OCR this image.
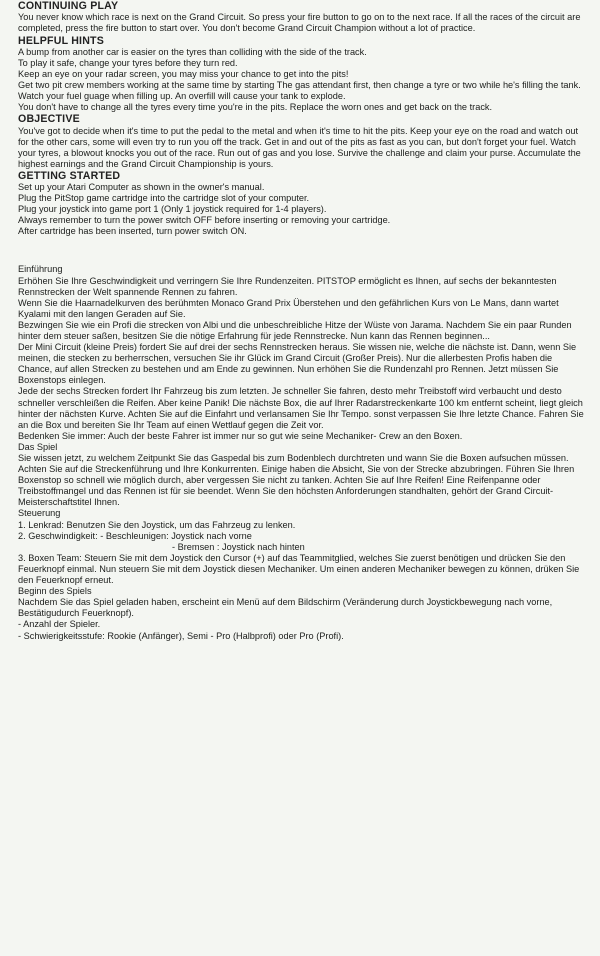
CONTINUING PLAY

You never know which race is next on the Grand Circuit. So press your fire button to go on to the next race. If all the races of the circuit are completed, press the fire button to start over. You don't become Grand Circuit Champion without a lot of practice.

HELPFUL HINTS

A bump from another car is easier on the tyres than colliding with the side of the track.

To play it safe, change your tyres before they turn red.

Keep an eye on your radar screen, you may miss your chance to get into the pits!

Get two pit crew members working at the same time by starting The gas attendant first, then change a tyre or two while he's filling the tank.

Watch your fuel guage when filling up. An overfill will cause your tank to explode.

You don't have to change all the tyres every time you're in the pits. Replace the worn ones and get back on the track.

OBJECTIVE

You've got to decide when it's time to put the pedal to the metal and when it's time to hit the pits. Keep your eye on the road and watch out for the other cars, some will even try to run you off the track. Get in and out of the pits as fast as you can, but don't forget your fuel. Watch your tyres, a blowout knocks you out of the race. Run out of gas and you lose. Survive the challenge and claim your purse. Accumulate the highest earnings and the Grand Circuit Championship is yours.

GETTING STARTED

Set up your Atari Computer as shown in the owner's manual.

Plug the PitStop game cartridge into the cartridge slot of your computer.

Plug your joystick into game port 1 (Only 1 joystick required for 1-4 players).

Always remember to turn the power switch OFF before inserting or removing your cartridge.

After cartridge has been inserted, turn power switch ON.

Einführung

Erhöhen Sie Ihre Geschwindigkeit und verringern Sie Ihre Rundenzeiten. PITSTOP ermöglicht es Ihnen, auf sechs der bekanntesten Rennstrecken der Welt spannende Rennen zu fahren.

Wenn Sie die Haarnadelkurven des berühmten Monaco Grand Prix Überstehen und den gefährlichen Kurs von Le Mans, dann wartet Kyalami mit den langen Geraden auf Sie.

Bezwingen Sie wie ein Profi die strecken von Albi und die unbeschreibliche Hitze der Wüste von Jarama. Nachdem Sie ein paar Runden hinter dem steuer saßen, besitzen Sie die nötige Erfahrung für jede Rennstrecke. Nun kann das Rennen beginnen...

Der Mini Circuit (kleine Preis) fordert Sie auf drei der sechs Rennstrecken heraus. Sie wissen nie, welche die nächste ist. Dann, wenn Sie meinen, die stecken zu berherrschen, versuchen Sie ihr Glück im Grand Circuit (Großer Preis). Nur die allerbesten Profis haben die Chance, auf allen Strecken zu bestehen und am Ende zu gewinnen. Nun erhöhen Sie die Rundenzahl pro Rennen. Jetzt müssen Sie Boxenstops einlegen.

Jede der sechs Strecken fordert Ihr Fahrzeug bis zum letzten. Je schneller Sie fahren, desto mehr Treibstoff wird verbaucht und desto schneller verschleißen die Reifen. Aber keine Panik! Die nächste Box, die auf Ihrer Radarstreckenkarte 100 km entfernt scheint, liegt gleich hinter der nächsten Kurve. Achten Sie auf die Einfahrt und verlansamen Sie Ihr Tempo. sonst verpassen Sie Ihre letzte Chance. Fahren Sie an die Box und bereiten Sie Ihr Team auf einen Wettlauf gegen die Zeit vor.

Bedenken Sie immer: Auch der beste Fahrer ist immer nur so gut wie seine Mechaniker- Crew an den Boxen.

Das Spiel

Sie wissen jetzt, zu welchem Zeitpunkt Sie das Gaspedal bis zum Bodenblech durchtreten und wann Sie die Boxen aufsuchen müssen. Achten Sie auf die Streckenführung und Ihre Konkurrenten. Einige haben die Absicht, Sie von der Strecke abzubringen. Führen Sie Ihren Boxenstop so schnell wie möglich durch, aber vergessen Sie nicht zu tanken. Achten Sie auf Ihre Reifen! Eine Reifenpanne oder Treibstoffmangel und das Rennen ist für sie beendet. Wenn Sie den höchsten Anforderungen standhalten, gehört der Grand Circuit-Meisterschaftstitel Ihnen.

Steuerung

1. Lenkrad: Benutzen Sie den Joystick, um das Fahrzeug zu lenken.

2. Geschwindigkeit: - Beschleunigen: Joystick nach vorne

- Bremsen : Joystick nach hinten

3. Boxen Team: Steuern Sie mit dem Joystick den Cursor (+) auf das Teammitglied, welches Sie zuerst benötigen und drücken Sie den Feuerknopf einmal. Nun steuern Sie mit dem Joystick diesen Mechaniker. Um einen anderen Mechaniker bewegen zu können, drüken Sie den Feuerknopf erneut.

Beginn des Spiels

Nachdem Sie das Spiel geladen haben, erscheint ein Menü auf dem Bildschirm (Veränderung durch Joystickbewegung nach vorne, Bestätigudurch Feuerknopf).

- Anzahl der Spieler.

- Schwierigkeitsstufe: Rookie (Anfänger), Semi - Pro (Halbprofi) oder Pro (Profi).
